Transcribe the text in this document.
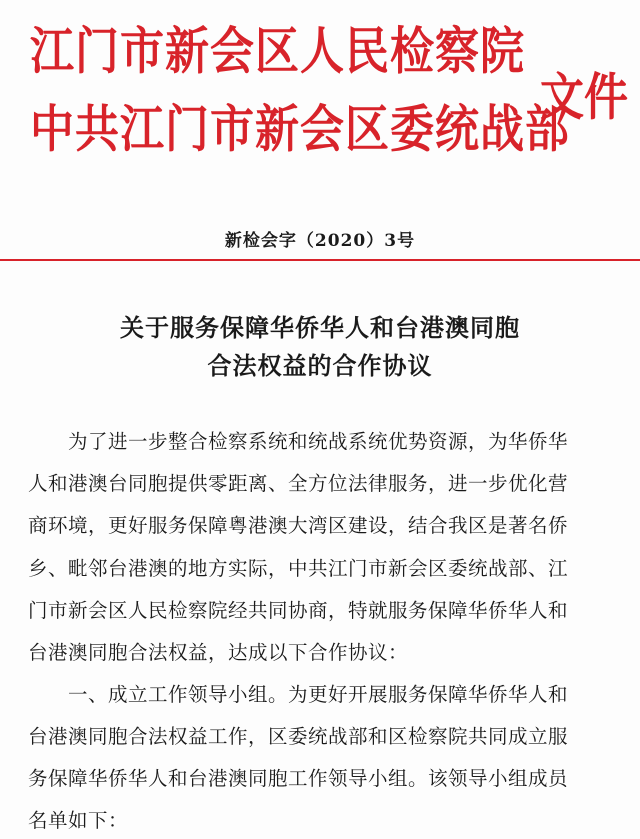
江门市新会区人民检察院
中共江门市新会区委统战部
文件
新检会字（2020）3号
关于服务保障华侨华人和台港澳同胞
合法权益的合作协议
　　为了进一步整合检察系统和统战系统优势资源，为华侨华
人和港澳台同胞提供零距离、全方位法律服务，进一步优化营
商环境，更好服务保障粤港澳大湾区建设，结合我区是著名侨
乡、毗邻台港澳的地方实际，中共江门市新会区委统战部、江
门市新会区人民检察院经共同协商，特就服务保障华侨华人和
台港澳同胞合法权益，达成以下合作协议：
　　一、成立工作领导小组。为更好开展服务保障华侨华人和
台港澳同胞合法权益工作，区委统战部和区检察院共同成立服
务保障华侨华人和台港澳同胞工作领导小组。该领导小组成员
名单如下：
